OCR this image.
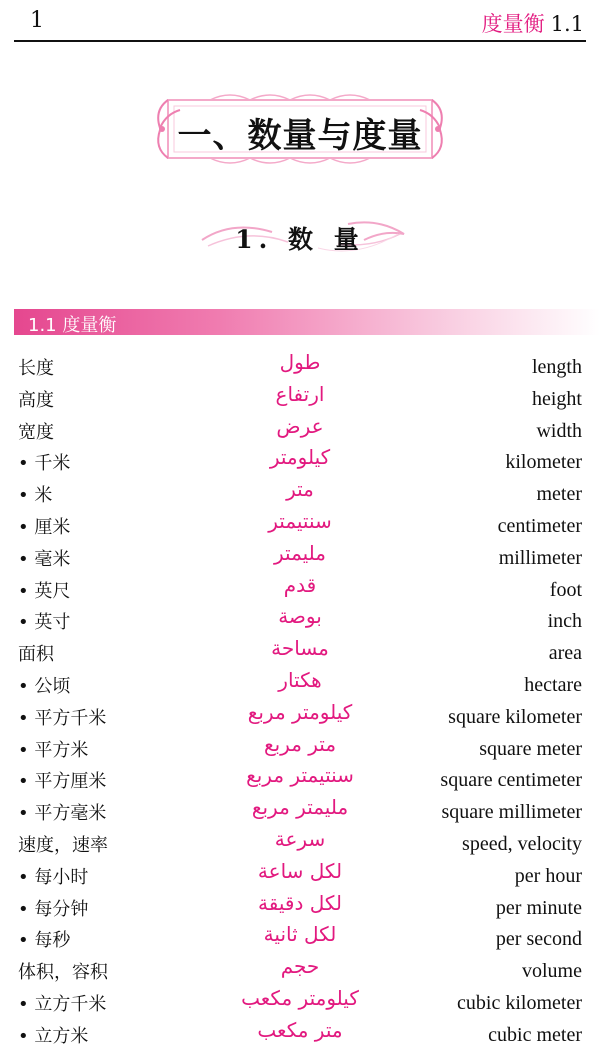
1	度量衡 1.1
一、数量与度量
1. 数 量
1.1 度量衡
长度	طول	length
高度	ارتفاع	height
宽度	عرض	width
• 千米	كيلومتر	kilometer
• 米	متر	meter
• 厘米	سنتيمتر	centimeter
• 毫米	مليمتر	millimeter
• 英尺	قدم	foot
• 英寸	بوصة	inch
面积	مساحة	area
• 公顷	هكتار	hectare
• 平方千米	كيلومتر مربع	square kilometer
• 平方米	متر مربع	square meter
• 平方厘米	سنتيمتر مربع	square centimeter
• 平方毫米	مليمتر مربع	square millimeter
速度，速率	سرعة	speed, velocity
• 每小时	لكل ساعة	per hour
• 每分钟	لكل دقيقة	per minute
• 每秒	لكل ثانية	per second
体积，容积	حجم	volume
• 立方千米	كيلومتر مكعب	cubic kilometer
• 立方米	متر مكعب	cubic meter
